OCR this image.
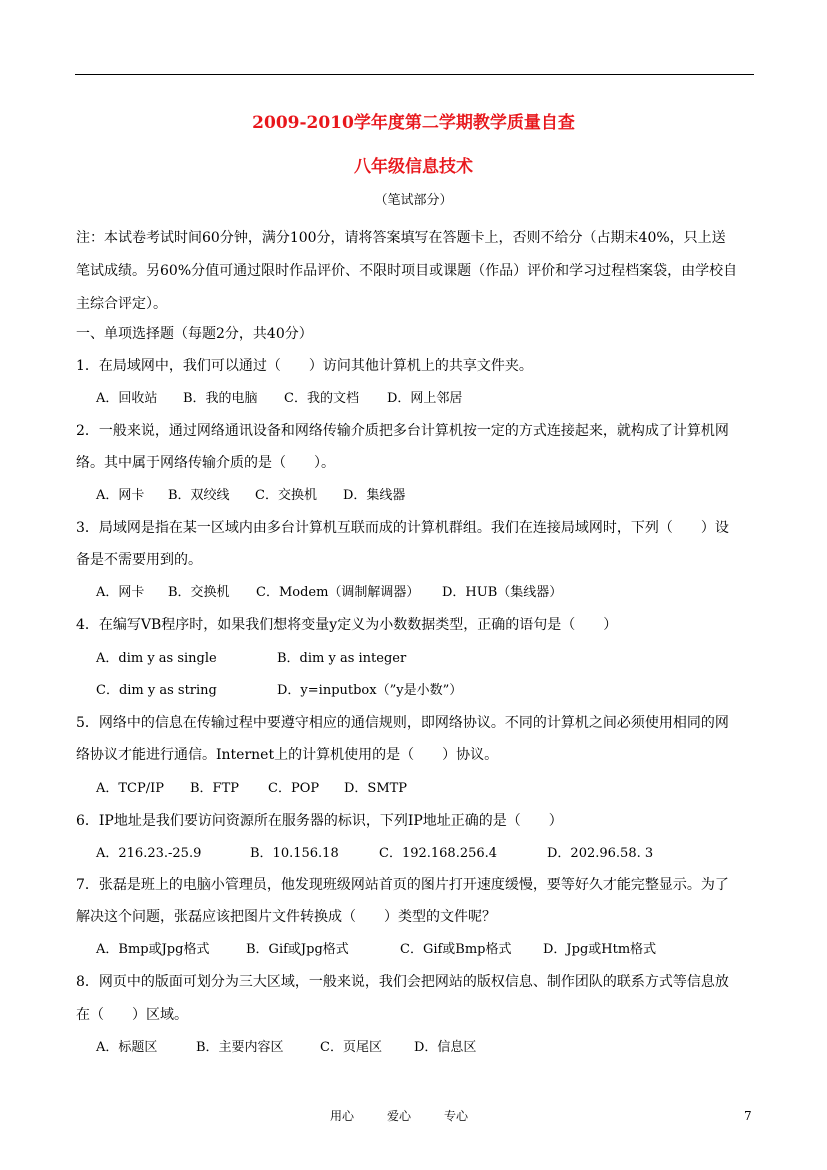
2009-2010学年度第二学期教学质量自查
八年级信息技术
（笔试部分）
注：本试卷考试时间60分钟，满分100分，请将答案填写在答题卡上，否则不给分（占期末40%，只上送
笔试成绩。另60%分值可通过限时作品评价、不限时项目或课题（作品）评价和学习过程档案袋，由学校自
主综合评定）。
一、单项选择题（每题2分，共40分）
1．在局域网中，我们可以通过（　　）访问其他计算机上的共享文件夹。
A．回收站 B．我的电脑 C．我的文档 D．网上邻居
2．一般来说，通过网络通讯设备和网络传输介质把多台计算机按一定的方式连接起来，就构成了计算机网
络。其中属于网络传输介质的是（　　）。
A．网卡 B．双绞线 C．交换机 D．集线器
3．局域网是指在某一区域内由多台计算机互联而成的计算机群组。我们在连接局域网时，下列（　　）设
备是不需要用到的。
A．网卡 B．交换机 C．Modem（调制解调器） D．HUB（集线器）
4．在编写VB程序时，如果我们想将变量y定义为小数数据类型，正确的语句是（　　）
A．dim y as single	B．dim y as integer
C．dim y as string	D．y=inputbox（”y是小数”）
5．网络中的信息在传输过程中要遵守相应的通信规则，即网络协议。不同的计算机之间必须使用相同的网
络协议才能进行通信。Internet上的计算机使用的是（　　）协议。
A．TCP/IP B．FTP C．POP D．SMTP
6．IP地址是我们要访问资源所在服务器的标识，下列IP地址正确的是（　　）
A．216.23.-25.9	B．10.156.18	C．192.168.256.4	D．202.96.58. 3
7．张磊是班上的电脑小管理员，他发现班级网站首页的图片打开速度缓慢，要等好久才能完整显示。为了
解决这个问题，张磊应该把图片文件转换成（　　）类型的文件呢？
A．Bmp或Jpg格式	B．Gif或Jpg格式	C．Gif或Bmp格式 D．Jpg或Htm格式
8．网页中的版面可划分为三大区域，一般来说，我们会把网站的版权信息、制作团队的联系方式等信息放
在（　　）区域。
A．标题区	B．主要内容区	C．页尾区 D．信息区
用心	爱心	专心	7
